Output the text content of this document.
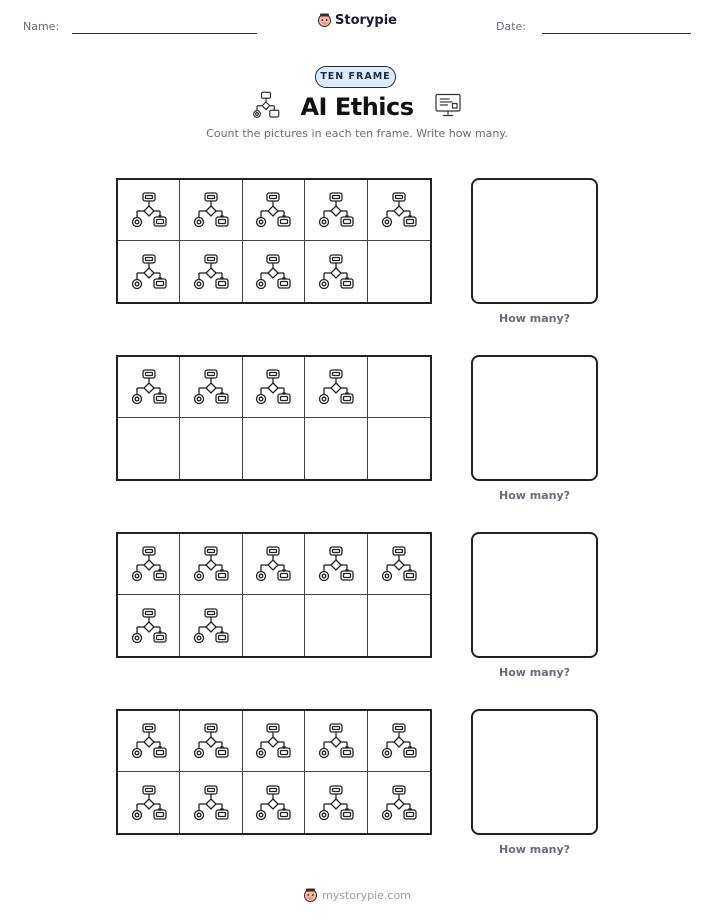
Name:	Storypie	Date:
TEN FRAME
AI Ethics
Count the pictures in each ten frame. Write how many.
How many?
How many?
How many?
How many?
mystorypie.com
